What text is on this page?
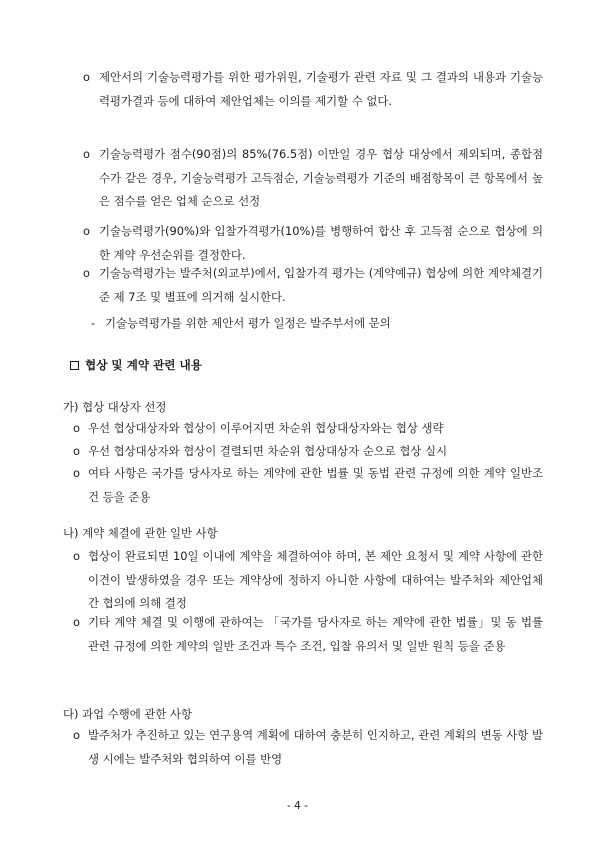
o 제안서의 기술능력평가를 위한 평가위원, 기술평가 관련 자료 및 그 결과의 내용과 기술능력평가결과 등에 대하여 제안업체는 이의를 제기할 수 없다.
o 기술능력평가 점수(90점)의 85%(76.5점) 이만일 경우 협상 대상에서 제외되며, 종합점수가 같은 경우, 기술능력평가 고득점순, 기술능력평가 기준의 배점항목이 큰 항목에서 높은 점수를 얻은 업체 순으로 선정
o 기술능력평가(90%)와 입찰가격평가(10%)를 병행하여 합산 후 고득점 순으로 협상에 의한 계약 우선순위를 결정한다.
o 기술능력평가는 발주처(외교부)에서, 입찰가격 평가는 (계약예규) 협상에 의한 계약체결기준 제 7조 및 별표에 의거해 실시한다.
- 기술능력평가를 위한 제안서 평가 일정은 발주부서에 문의
협상 및 계약 관련 내용
가) 협상 대상자 선정
o 우선 협상대상자와 협상이 이루어지면 차순위 협상대상자와는 협상 생략
o 우선 협상대상자와 협상이 결렬되면 차순위 협상대상자 순으로 협상 실시
o 여타 사항은 국가를 당사자로 하는 계약에 관한 법률 및 동법 관련 규정에 의한 계약 일반조건 등을 준용
나) 계약 체결에 관한 일반 사항
o 협상이 완료되면 10일 이내에 계약을 체결하여야 하며, 본 제안 요청서 및 계약 사항에 관한 이견이 발생하였을 경우 또는 계약상에 정하지 아니한 사항에 대하여는 발주처와 제안업체 간 협의에 의해 결정
o 기타 계약 체결 및 이행에 관하여는 「국가를 당사자로 하는 계약에 관한 법률」및 동 법률 관련 규정에 의한 계약의 일반 조건과 특수 조건, 입찰 유의서 및 일반 원칙 등을 준용
다) 과업 수행에 관한 사항
o 발주처가 추진하고 있는 연구용역 계획에 대하여 충분히 인지하고, 관련 계획의 변동 사항 발생 시에는 발주처와 협의하여 이를 반영
- 4 -
